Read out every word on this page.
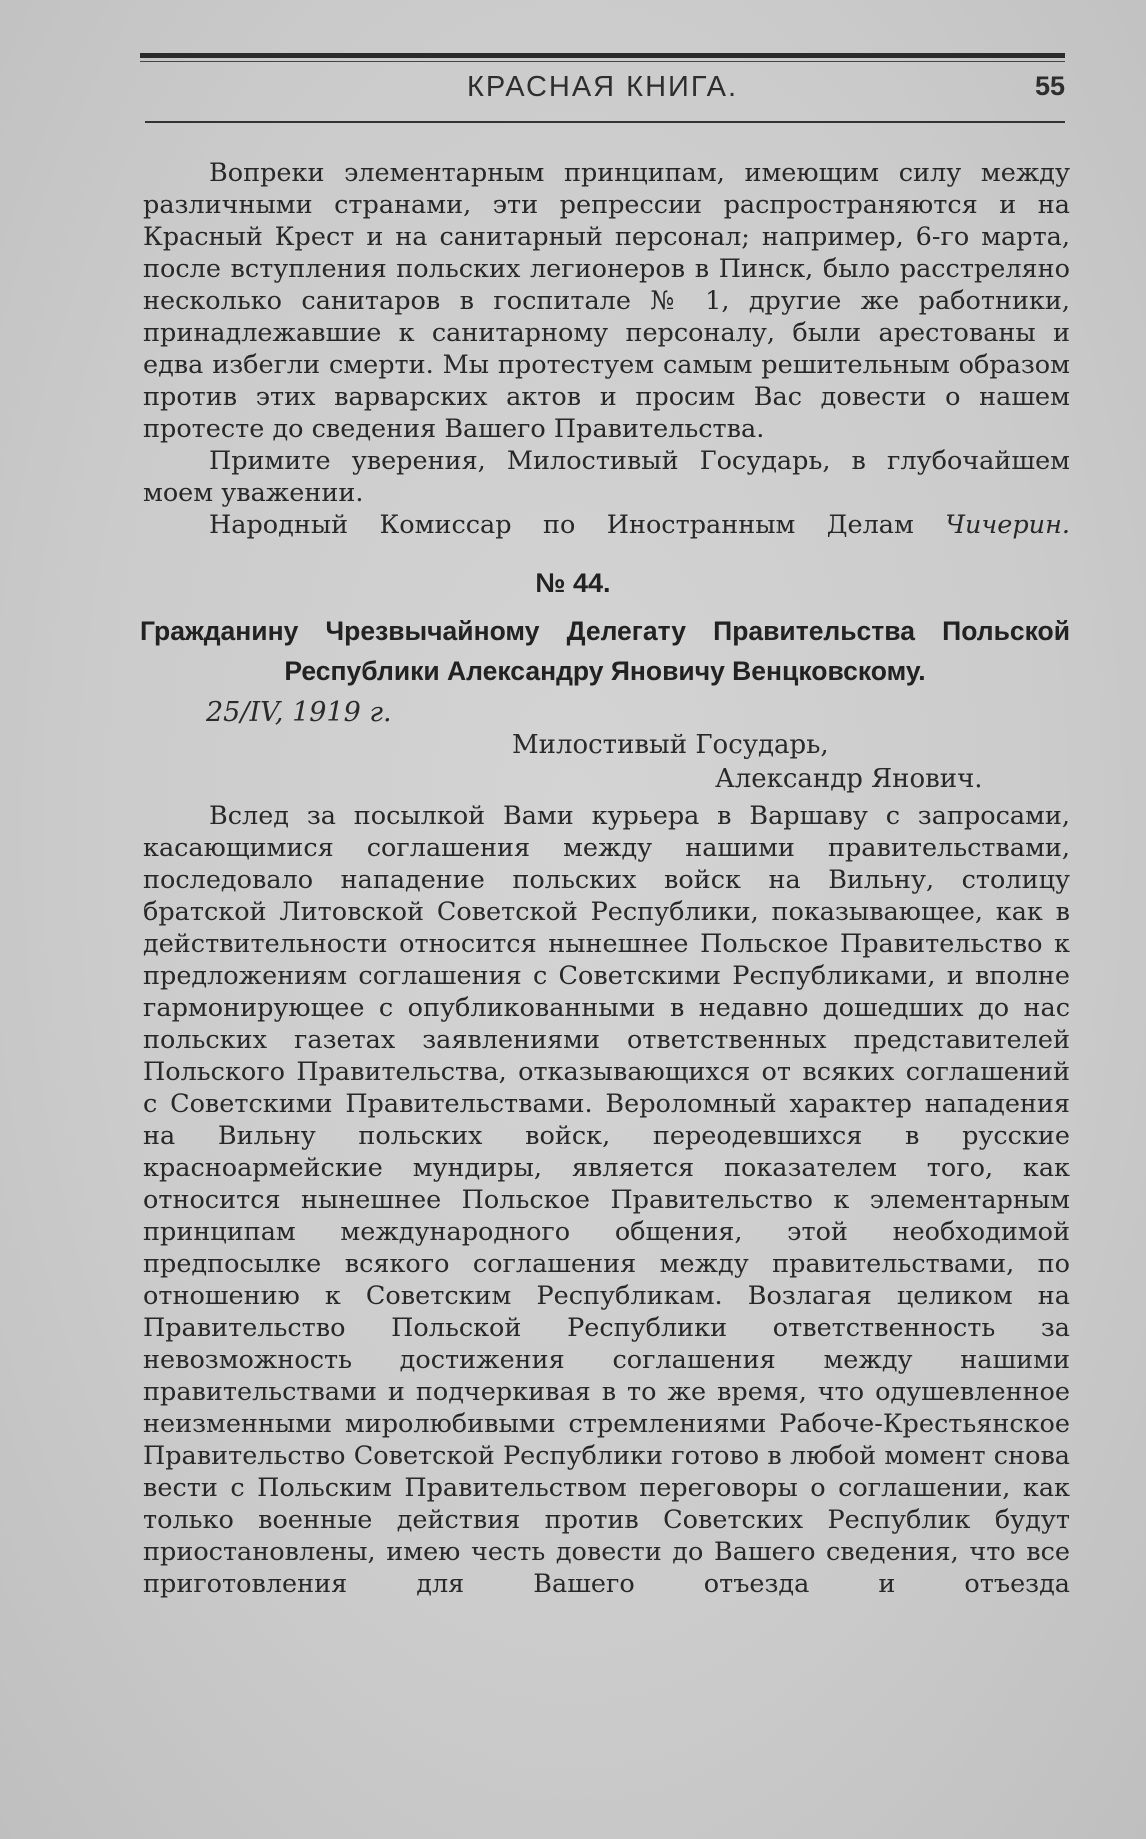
КРАСНАЯ КНИГА.	55

Вопреки элементарным принципам, имеющим силу между различными странами, эти репрессии распространяются и на Красный Крест и на санитарный персонал; например, 6-го марта, после вступления польских легионеров в Пинск, было расстреляно несколько санитаров в госпитале № 1, другие же работники, принадлежавшие к санитарному персоналу, были арестованы и едва избегли смерти. Мы протестуем самым решительным образом против этих варварских актов и просим Вас довести о нашем протесте до сведения Вашего Правительства.

Примите уверения, Милостивый Государь, в глубочайшем моем уважении.

Народный Комиссар по Иностранным Делам Чичерин.

№ 44.
Гражданину Чрезвычайному Делегату Правительства Польской
Республики Александру Яновичу Венцковскому.
25/IV, 1919 г.
Милостивый Государь,
Александр Янович.

Вслед за посылкой Вами курьера в Варшаву с запросами, касающимися соглашения между нашими правительствами, последовало нападение польских войск на Вильну, столицу братской Литовской Советской Республики, показывающее, как в действительности относится нынешнее Польское Правительство к предложениям соглашения с Советскими Республиками, и вполне гармонирующее с опубликованными в недавно дошедших до нас польских газетах заявлениями ответственных представителей Польского Правительства, отказывающихся от всяких соглашений с Советскими Правительствами. Вероломный характер нападения на Вильну польских войск, переодевшихся в русские красноармейские мундиры, является показателем того, как относится нынешнее Польское Правительство к элементарным принципам международного общения, этой необходимой предпосылке всякого соглашения между правительствами, по отношению к Советским Республикам. Возлагая целиком на Правительство Польской Республики ответственность за невозможность достижения соглашения между нашими правительствами и подчеркивая в то же время, что одушевленное неизменными миролюбивыми стремлениями Рабоче-Крестьянское Правительство Советской Республики готово в любой момент снова вести с Польским Правительством переговоры о соглашении, как только военные действия против Советских Республик будут приостановлены, имею честь довести до Вашего сведения, что все приготовления для Вашего отъезда и отъезда
